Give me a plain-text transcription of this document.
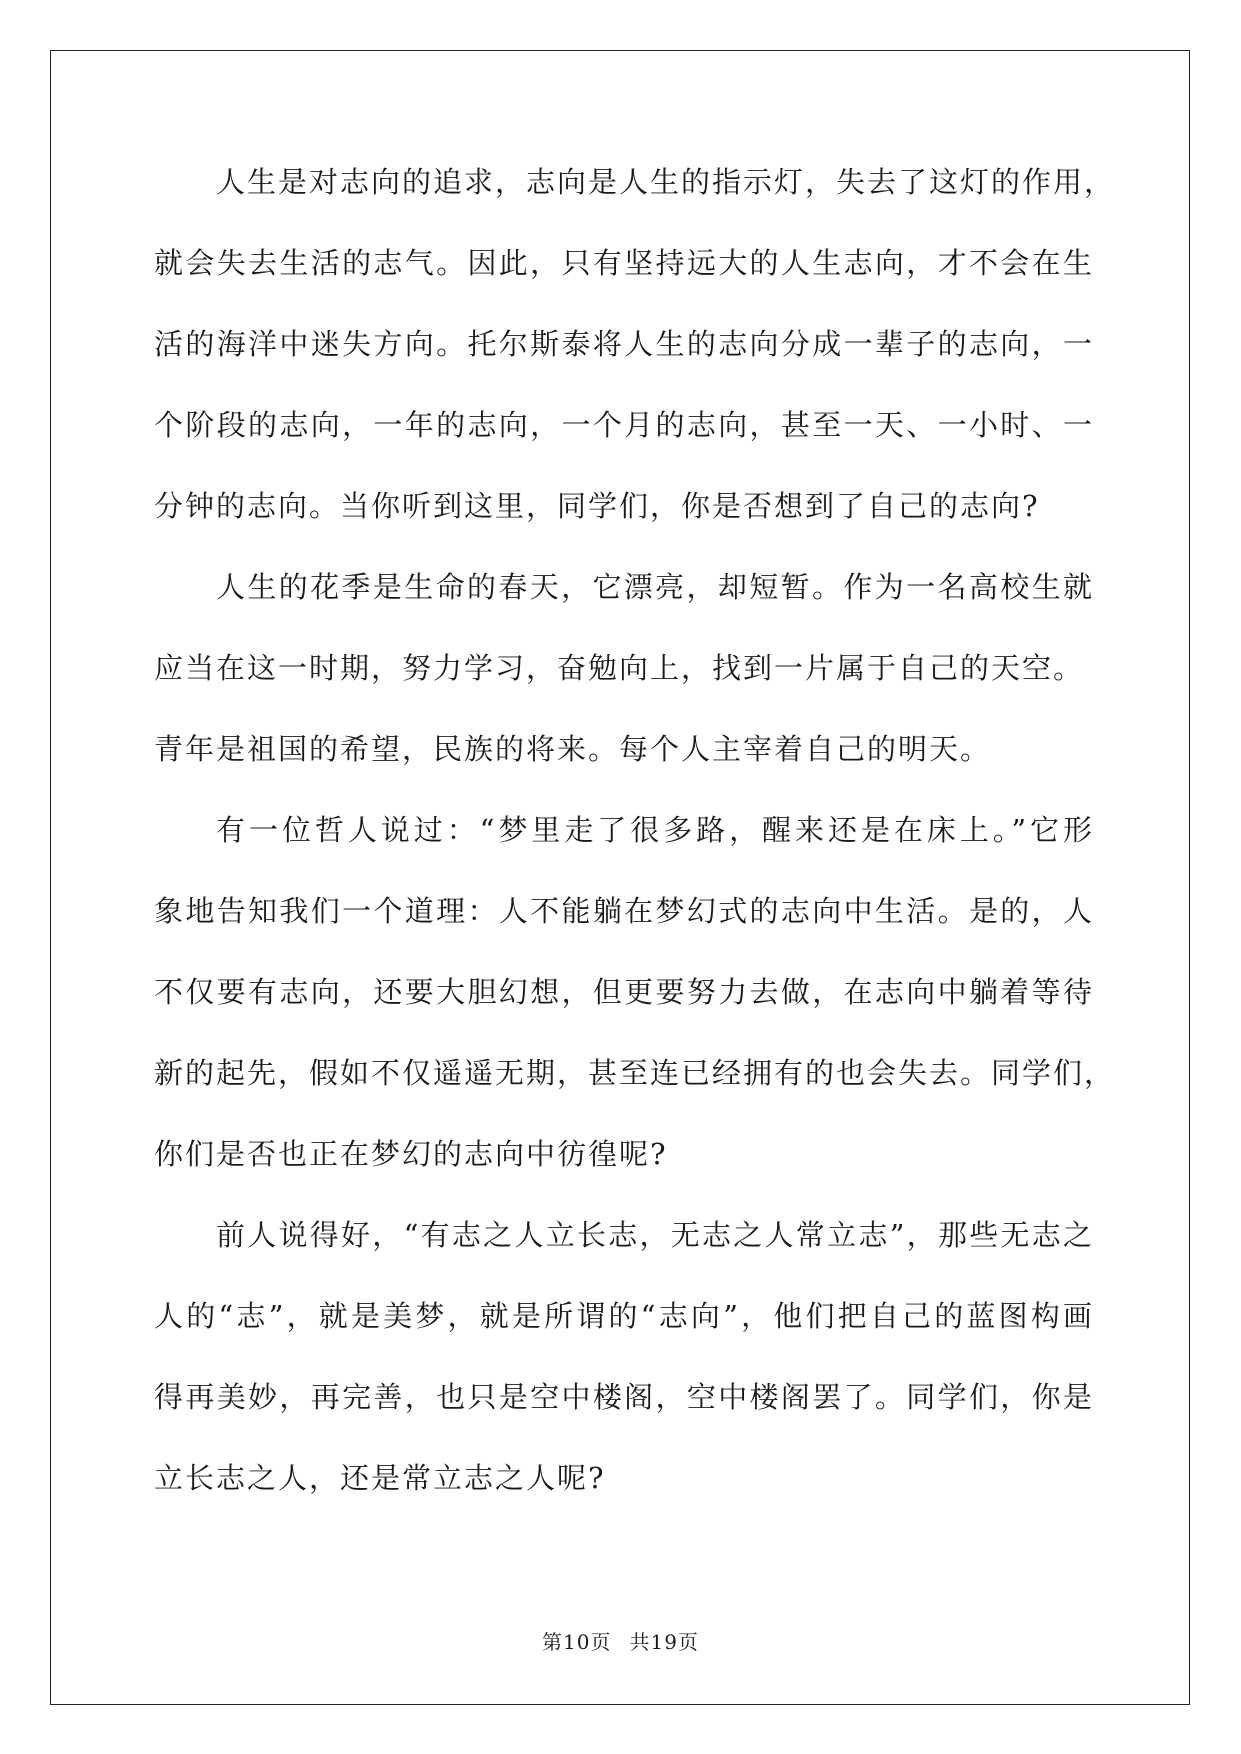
人生是对志向的追求，志向是人生的指示灯，失去了这灯的作用，
就会失去生活的志气。因此，只有坚持远大的人生志向，才不会在生
活的海洋中迷失方向。托尔斯泰将人生的志向分成一辈子的志向，一
个阶段的志向，一年的志向，一个月的志向，甚至一天、一小时、一
分钟的志向。当你听到这里，同学们，你是否想到了自己的志向?
人生的花季是生命的春天，它漂亮，却短暂。作为一名高校生就
应当在这一时期，努力学习，奋勉向上，找到一片属于自己的天空。
青年是祖国的希望，民族的将来。每个人主宰着自己的明天。
有一位哲人说过：“梦里走了很多路，醒来还是在床上。”它形
象地告知我们一个道理：人不能躺在梦幻式的志向中生活。是的，人
不仅要有志向，还要大胆幻想，但更要努力去做，在志向中躺着等待
新的起先，假如不仅遥遥无期，甚至连已经拥有的也会失去。同学们，
你们是否也正在梦幻的志向中彷徨呢?
前人说得好，“有志之人立长志，无志之人常立志”，那些无志之
人的“志”，就是美梦，就是所谓的“志向”，他们把自己的蓝图构画
得再美妙，再完善，也只是空中楼阁，空中楼阁罢了。同学们，你是
立长志之人，还是常立志之人呢?
第10页 共19页
